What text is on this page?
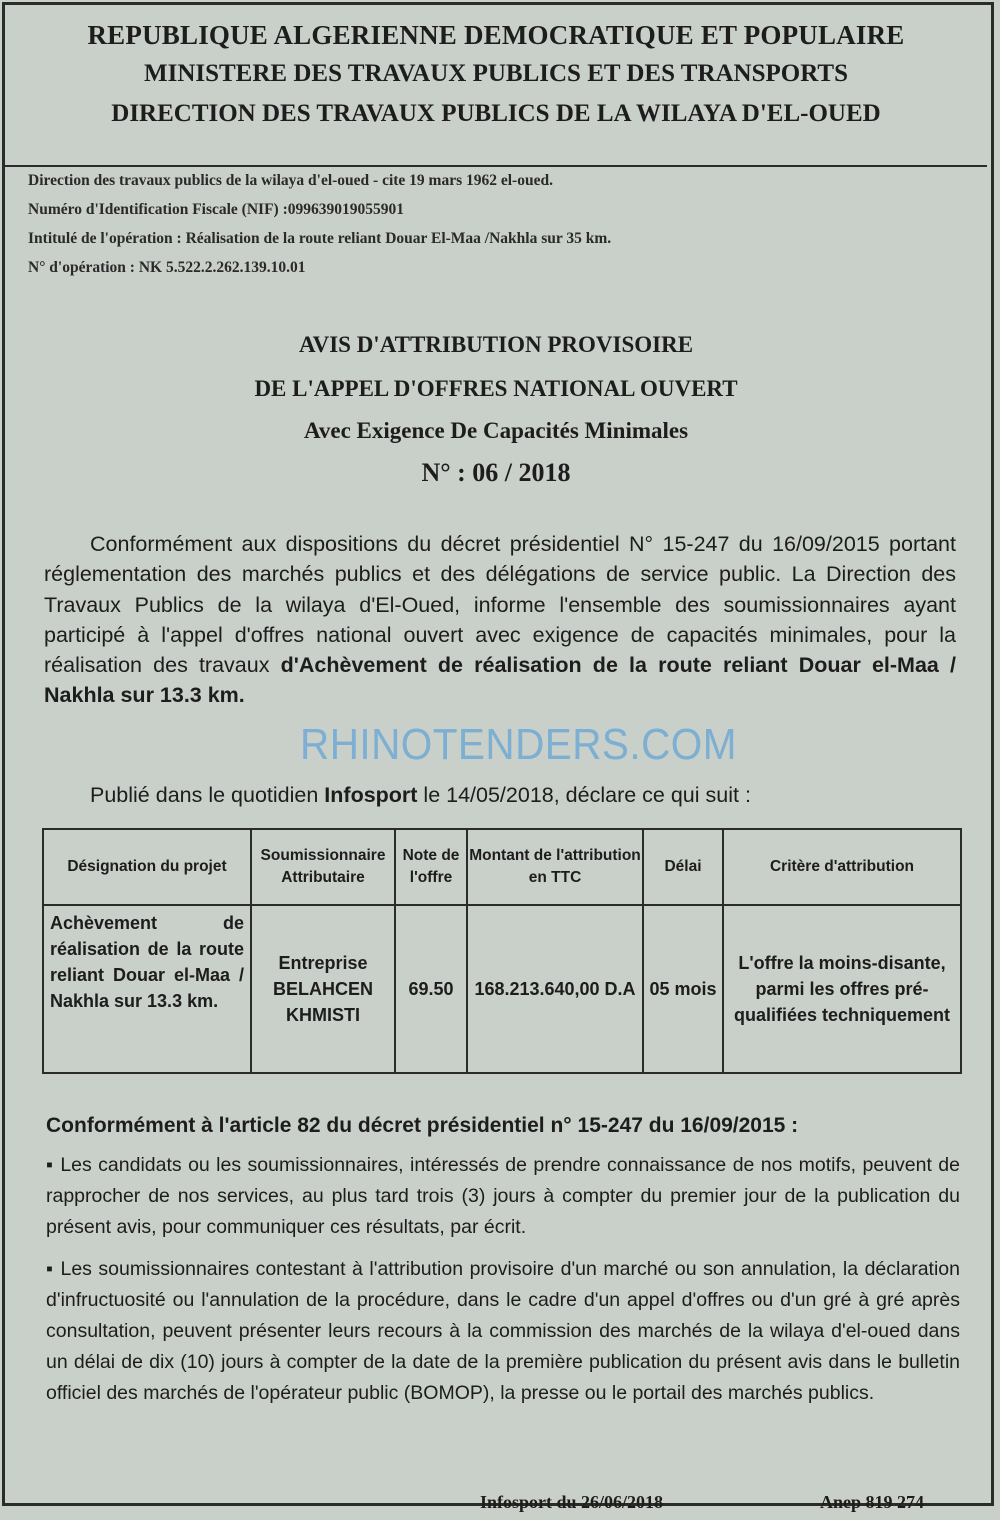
REPUBLIQUE ALGERIENNE DEMOCRATIQUE ET POPULAIRE
MINISTERE DES TRAVAUX PUBLICS ET DES TRANSPORTS
DIRECTION DES TRAVAUX PUBLICS DE LA WILAYA D'EL-OUED
Direction des travaux publics de la wilaya d'el-oued - cite 19 mars 1962 el-oued.
Numéro d'Identification Fiscale (NIF) :099639019055901
Intitulé de l'opération : Réalisation de la route reliant Douar El-Maa /Nakhla sur 35 km.
N° d'opération : NK 5.522.2.262.139.10.01
AVIS D'ATTRIBUTION PROVISOIRE
DE L'APPEL D'OFFRES NATIONAL OUVERT
Avec Exigence De Capacités Minimales
N° : 06 / 2018
Conformément aux dispositions du décret présidentiel N° 15-247 du 16/09/2015 portant réglementation des marchés publics et des délégations de service public. La Direction des Travaux Publics de la wilaya d'El-Oued, informe l'ensemble des soumissionnaires ayant participé à l'appel d'offres national ouvert avec exigence de capacités minimales, pour la réalisation des travaux d'Achèvement de réalisation de la route reliant Douar el-Maa / Nakhla sur 13.3 km.
RHINOTENDERS.COM
Publié dans le quotidien Infosport le 14/05/2018, déclare ce qui suit :
Désignation du projet	Soumissionnaire Attributaire	Note de l'offre	Montant de l'attribution en TTC	Délai	Critère d'attribution
Achèvement de réalisation de la route reliant Douar el-Maa / Nakhla sur 13.3 km.	Entreprise BELAHCEN KHMISTI	69.50	168.213.640,00 D.A	05 mois	L'offre la moins-disante, parmi les offres pré-qualifiées techniquement
Conformément à l'article 82 du décret présidentiel n° 15-247 du 16/09/2015 :
▪ Les candidats ou les soumissionnaires, intéressés de prendre connaissance de nos motifs, peuvent de rapprocher de nos services, au plus tard trois (3) jours à compter du premier jour de la publication du présent avis, pour communiquer ces résultats, par écrit.
▪ Les soumissionnaires contestant à l'attribution provisoire d'un marché ou son annulation, la déclaration d'infructuosité ou l'annulation de la procédure, dans le cadre d'un appel d'offres ou d'un gré à gré après consultation, peuvent présenter leurs recours à la commission des marchés de la wilaya d'el-oued dans un délai de dix (10) jours à compter de la date de la première publication du présent avis dans le bulletin officiel des marchés de l'opérateur public (BOMOP), la presse ou le portail des marchés publics.
Infosport du 26/06/2018	Anep 819 274
